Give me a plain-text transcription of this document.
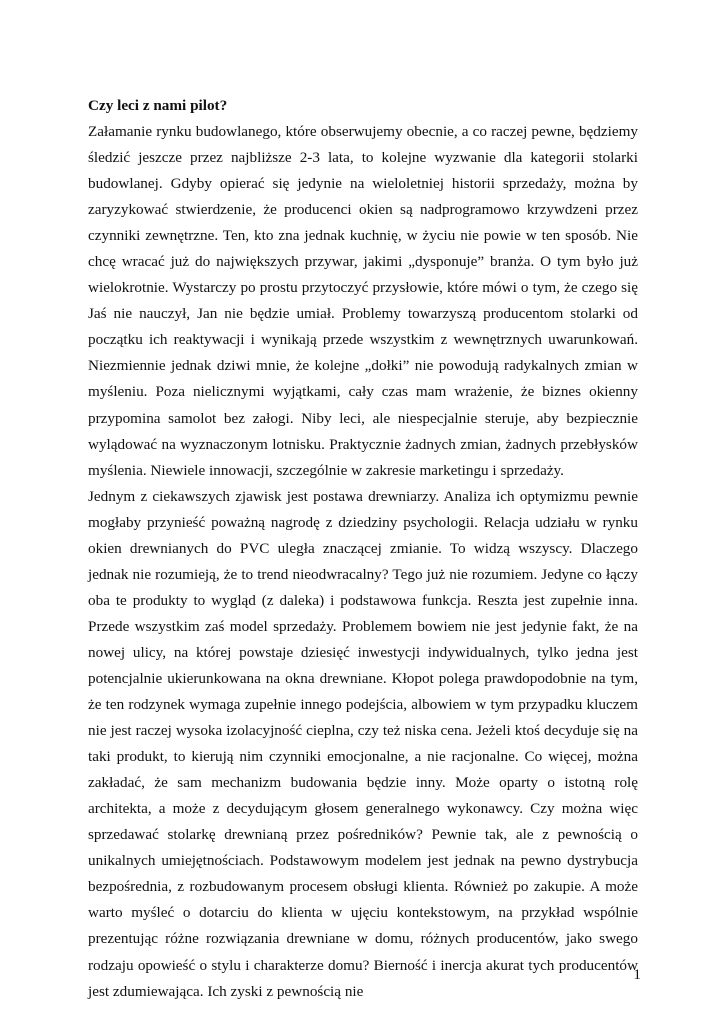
Czy leci z nami pilot?

Załamanie rynku budowlanego, które obserwujemy obecnie, a co raczej pewne, będziemy śledzić jeszcze przez najbliższe 2-3 lata, to kolejne wyzwanie dla kategorii stolarki budowlanej. Gdyby opierać się jedynie na wieloletniej historii sprzedaży, można by zaryzykować stwierdzenie, że producenci okien są nadprogramowo krzywdzeni przez czynniki zewnętrzne. Ten, kto zna jednak kuchnię, w życiu nie powie w ten sposób. Nie chcę wracać już do największych przywar, jakimi „dysponuje” branża. O tym było już wielokrotnie. Wystarczy po prostu przytoczyć przysłowie, które mówi o tym, że czego się Jaś nie nauczył, Jan nie będzie umiał. Problemy towarzyszą producentom stolarki od początku ich reaktywacji i wynikają przede wszystkim z wewnętrznych uwarunkowań. Niezmiennie jednak dziwi mnie, że kolejne „dołki” nie powodują radykalnych zmian w myśleniu. Poza nielicznymi wyjątkami, cały czas mam wrażenie, że biznes okienny przypomina samolot bez załogi. Niby leci, ale niespecjalnie steruje, aby bezpiecznie wylądować na wyznaczonym lotnisku. Praktycznie żadnych zmian, żadnych przebłysków myślenia. Niewiele innowacji, szczególnie w zakresie marketingu i sprzedaży.

Jednym z ciekawszych zjawisk jest postawa drewniarzy. Analiza ich optymizmu pewnie mogłaby przynieść poważną nagrodę z dziedziny psychologii. Relacja udziału w rynku okien drewnianych do PVC uległa znaczącej zmianie. To widzą wszyscy. Dlaczego jednak nie rozumieją, że to trend nieodwracalny? Tego już nie rozumiem. Jedyne co łączy oba te produkty to wygląd (z daleka) i podstawowa funkcja. Reszta jest zupełnie inna. Przede wszystkim zaś model sprzedaży. Problemem bowiem nie jest jedynie fakt, że na nowej ulicy, na której powstaje dziesięć inwestycji indywidualnych, tylko jedna jest potencjalnie ukierunkowana na okna drewniane. Kłopot polega prawdopodobnie na tym, że ten rodzynek wymaga zupełnie innego podejścia, albowiem w tym przypadku kluczem nie jest raczej wysoka izolacyjność cieplna, czy też niska cena. Jeżeli ktoś decyduje się na taki produkt, to kierują nim czynniki emocjonalne, a nie racjonalne. Co więcej, można zakładać, że sam mechanizm budowania będzie inny. Może oparty o istotną rolę architekta, a może z decydującym głosem generalnego wykonawcy. Czy można więc sprzedawać stolarkę drewnianą przez pośredników? Pewnie tak, ale z pewnością o unikalnych umiejętnościach. Podstawowym modelem jest jednak na pewno dystrybucja bezpośrednia, z rozbudowanym procesem obsługi klienta. Również po zakupie. A może warto myśleć o dotarciu do klienta w ujęciu kontekstowym, na przykład wspólnie prezentując różne rozwiązania drewniane w domu, różnych producentów, jako swego rodzaju opowieść o stylu i charakterze domu? Bierność i inercja akurat tych producentów jest zdumiewająca. Ich zyski z pewnością nie

1
